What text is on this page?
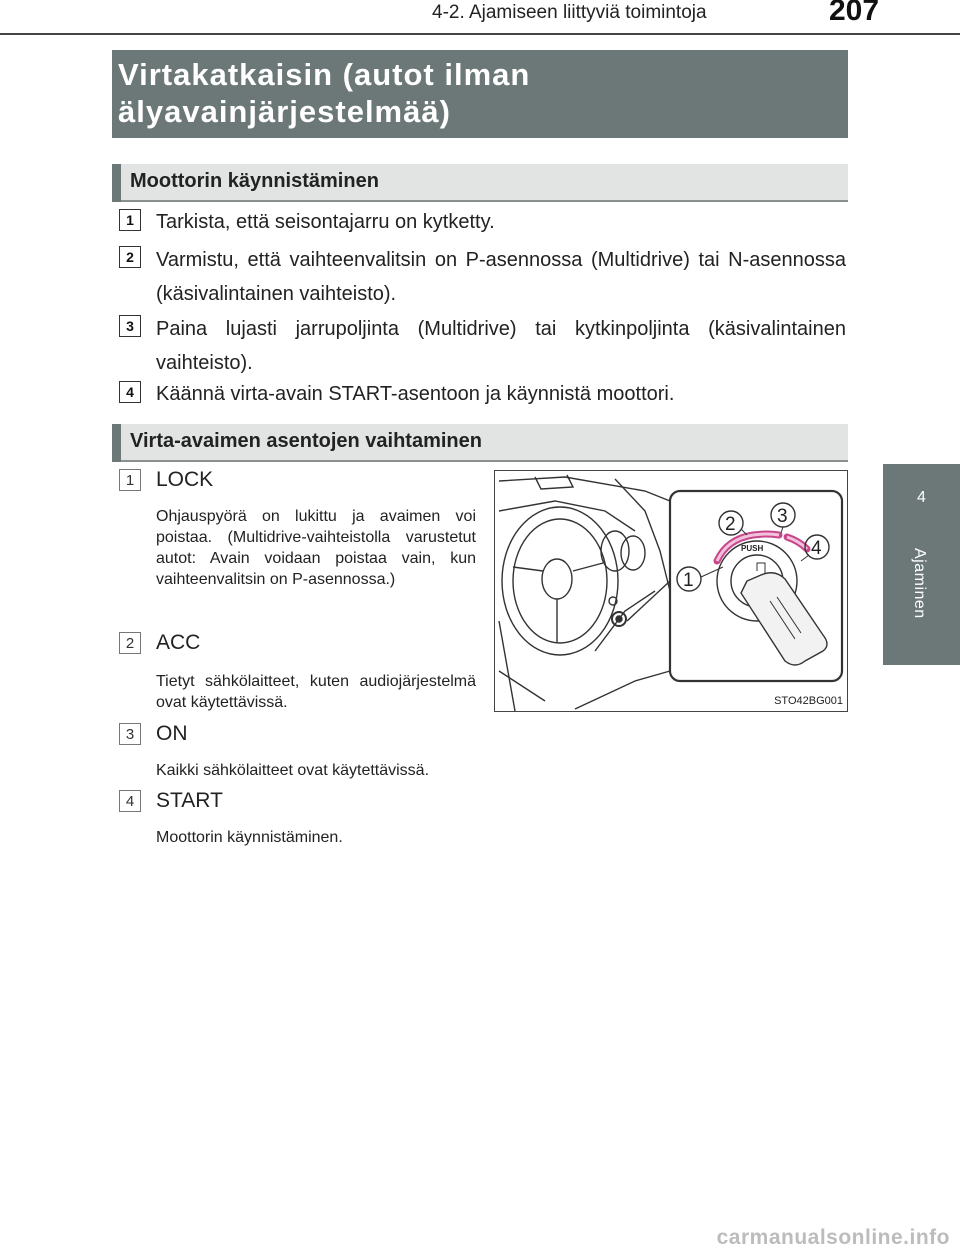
4-2. Ajamiseen liittyviä toimintoja	207
4
Ajaminen
Virtakatkaisin (autot ilman älyavainjärjestelmää)
Moottorin käynnistäminen
1	Tarkista, että seisontajarru on kytketty.
2	Varmistu, että vaihteenvalitsin on P-asennossa (Multidrive) tai N-asennossa (käsivalintainen vaihteisto).
3	Paina lujasti jarrupoljinta (Multidrive) tai kytkinpoljinta (käsivalintainen vaihteisto).
4	Käännä virta-avain START-asentoon ja käynnistä moottori.
Virta-avaimen asentojen vaihtaminen
1	LOCK
Ohjauspyörä on lukittu ja avaimen voi poistaa. (Multidrive-vaihteistolla varustetut autot: Avain voidaan poistaa vain, kun vaihteenvalitsin on P-asennossa.)
2	ACC
Tietyt sähkölaitteet, kuten audiojärjestelmä ovat käytettävissä.
3	ON
Kaikki sähkölaitteet ovat käytettävissä.
4	START
Moottorin käynnistäminen.
1
2 3
4
PUSH
STO42BG001
carmanualsonline.info
